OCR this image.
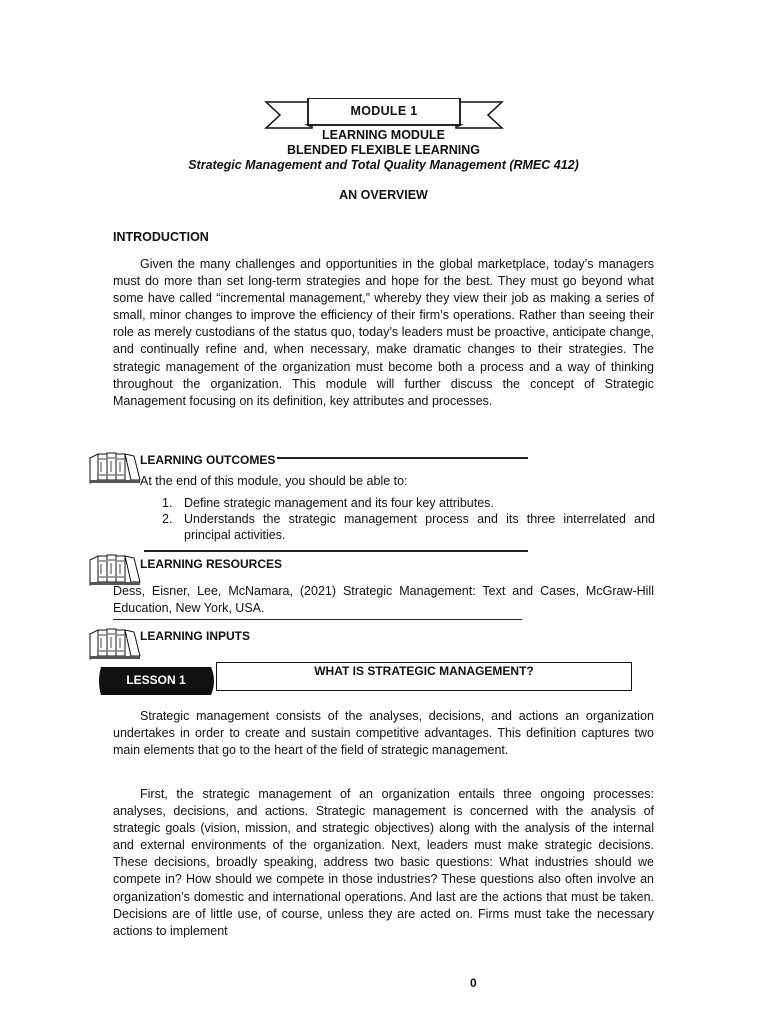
MODULE 1
LEARNING MODULE
BLENDED FLEXIBLE LEARNING
Strategic Management and Total Quality Management (RMEC 412)
AN OVERVIEW
INTRODUCTION

Given the many challenges and opportunities in the global marketplace, today’s managers must do more than set long-term strategies and hope for the best. They must go beyond what some have called “incremental management,” whereby they view their job as making a series of small, minor changes to improve the efficiency of their firm’s operations. Rather than seeing their role as merely custodians of the status quo, today’s leaders must be proactive, anticipate change, and continually refine and, when necessary, make dramatic changes to their strategies. The strategic management of the organization must become both a process and a way of thinking throughout the organization. This module will further discuss the concept of Strategic Management focusing on its definition, key attributes and processes.

LEARNING OUTCOMES
At the end of this module, you should be able to:
1. Define strategic management and its four key attributes.
2. Understands the strategic management process and its three interrelated and principal activities.
LEARNING RESOURCES

Dess, Eisner, Lee, McNamara, (2021) Strategic Management: Text and Cases, McGraw-Hill Education, New York, USA.

LEARNING INPUTS
WHAT IS STRATEGIC MANAGEMENT?
LESSON 1

Strategic management consists of the analyses, decisions, and actions an organization undertakes in order to create and sustain competitive advantages. This definition captures two main elements that go to the heart of the field of strategic management.

First, the strategic management of an organization entails three ongoing processes: analyses, decisions, and actions. Strategic management is concerned with the analysis of strategic goals (vision, mission, and strategic objectives) along with the analysis of the internal and external environments of the organization. Next, leaders must make strategic decisions. These decisions, broadly speaking, address two basic questions: What industries should we compete in? How should we compete in those industries? These questions also often involve an organization’s domestic and international operations. And last are the actions that must be taken. Decisions are of little use, of course, unless they are acted on. Firms must take the necessary actions to implement

0
